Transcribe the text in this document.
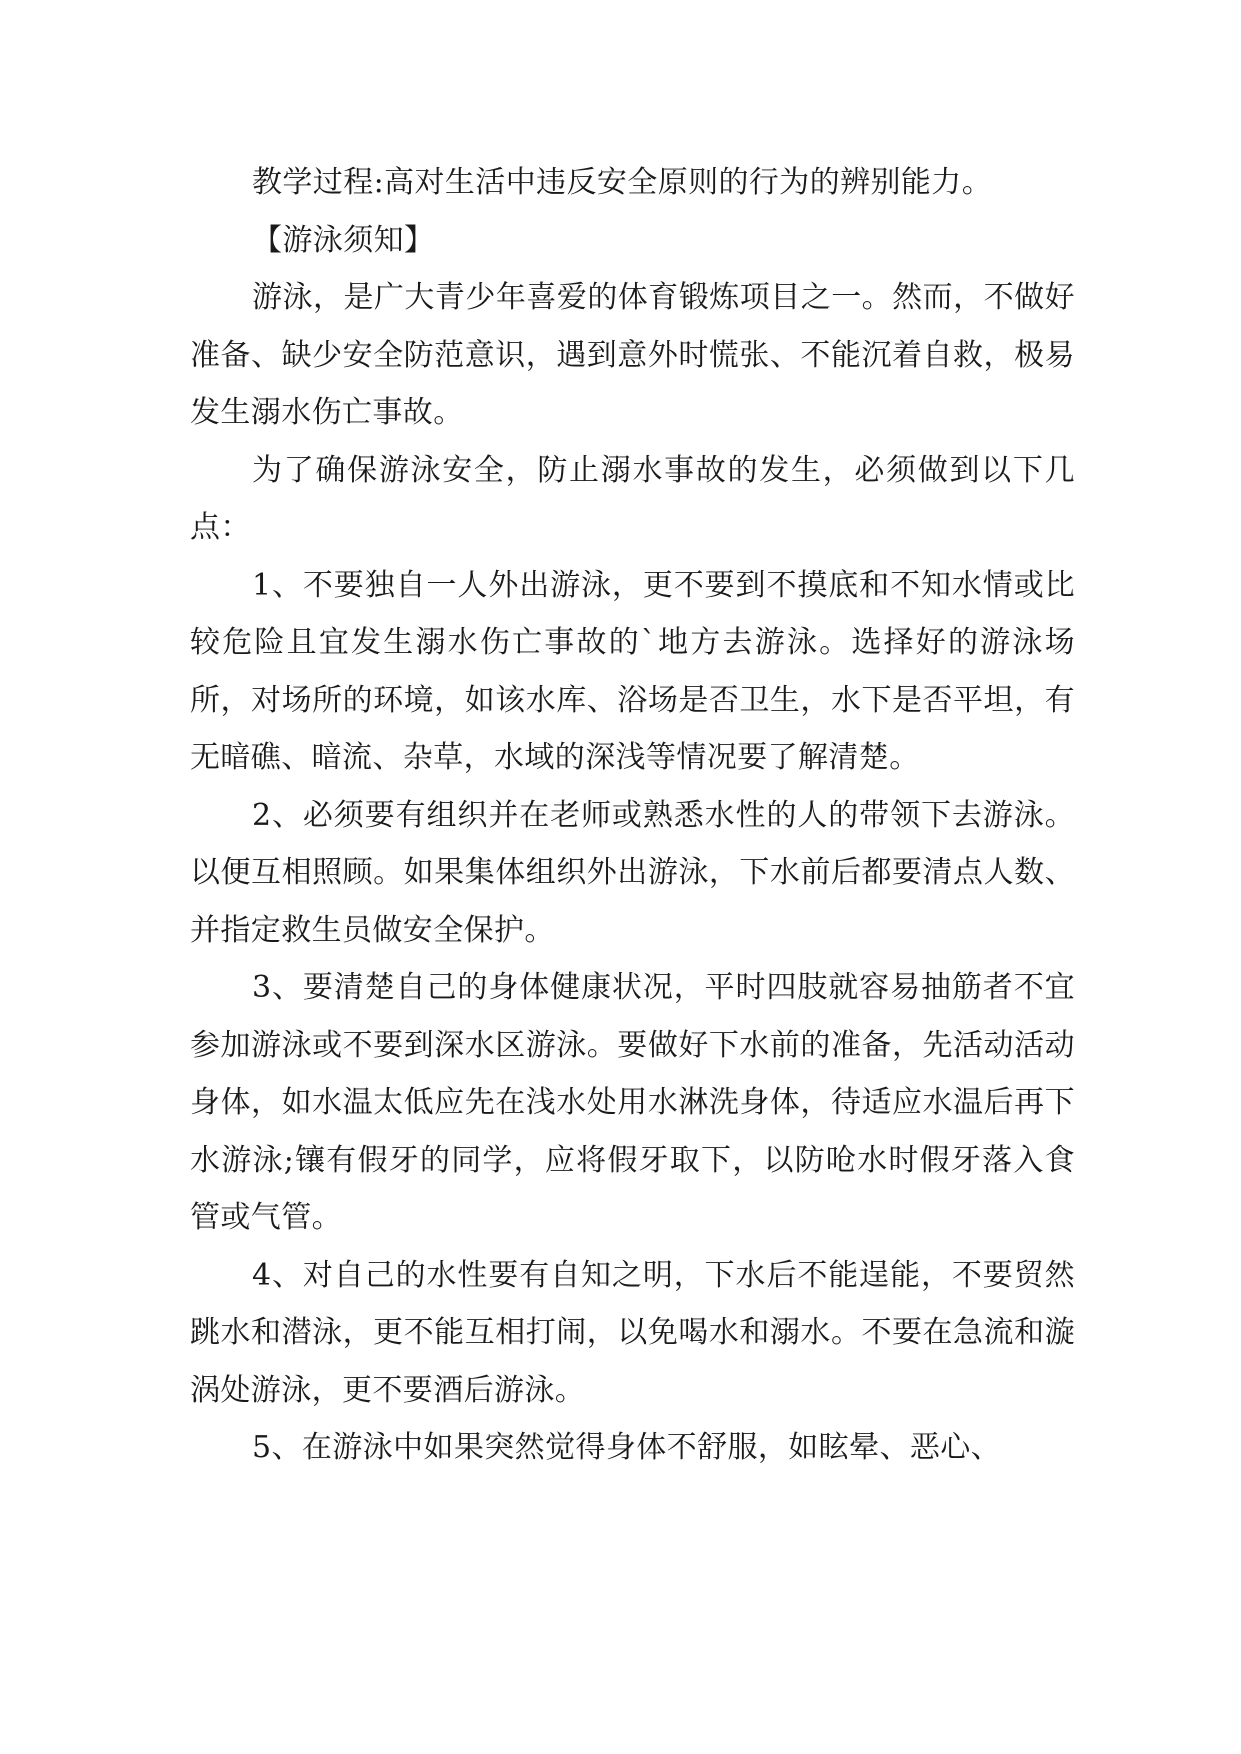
教学过程:高对生活中违反安全原则的行为的辨别能力。

【游泳须知】

游泳，是广大青少年喜爱的体育锻炼项目之一。然而，不做好准备、缺少安全防范意识，遇到意外时慌张、不能沉着自救，极易发生溺水伤亡事故。

为了确保游泳安全，防止溺水事故的发生，必须做到以下几点：

1、不要独自一人外出游泳，更不要到不摸底和不知水情或比较危险且宜发生溺水伤亡事故的`地方去游泳。选择好的游泳场所，对场所的环境，如该水库、浴场是否卫生，水下是否平坦，有无暗礁、暗流、杂草，水域的深浅等情况要了解清楚。

2、必须要有组织并在老师或熟悉水性的人的带领下去游泳。以便互相照顾。如果集体组织外出游泳，下水前后都要清点人数、并指定救生员做安全保护。

3、要清楚自己的身体健康状况，平时四肢就容易抽筋者不宜参加游泳或不要到深水区游泳。要做好下水前的准备，先活动活动身体，如水温太低应先在浅水处用水淋洗身体，待适应水温后再下水游泳;镶有假牙的同学，应将假牙取下，以防呛水时假牙落入食管或气管。

4、对自己的水性要有自知之明，下水后不能逞能，不要贸然跳水和潜泳，更不能互相打闹，以免喝水和溺水。不要在急流和漩涡处游泳，更不要酒后游泳。

5、在游泳中如果突然觉得身体不舒服，如眩晕、恶心、
